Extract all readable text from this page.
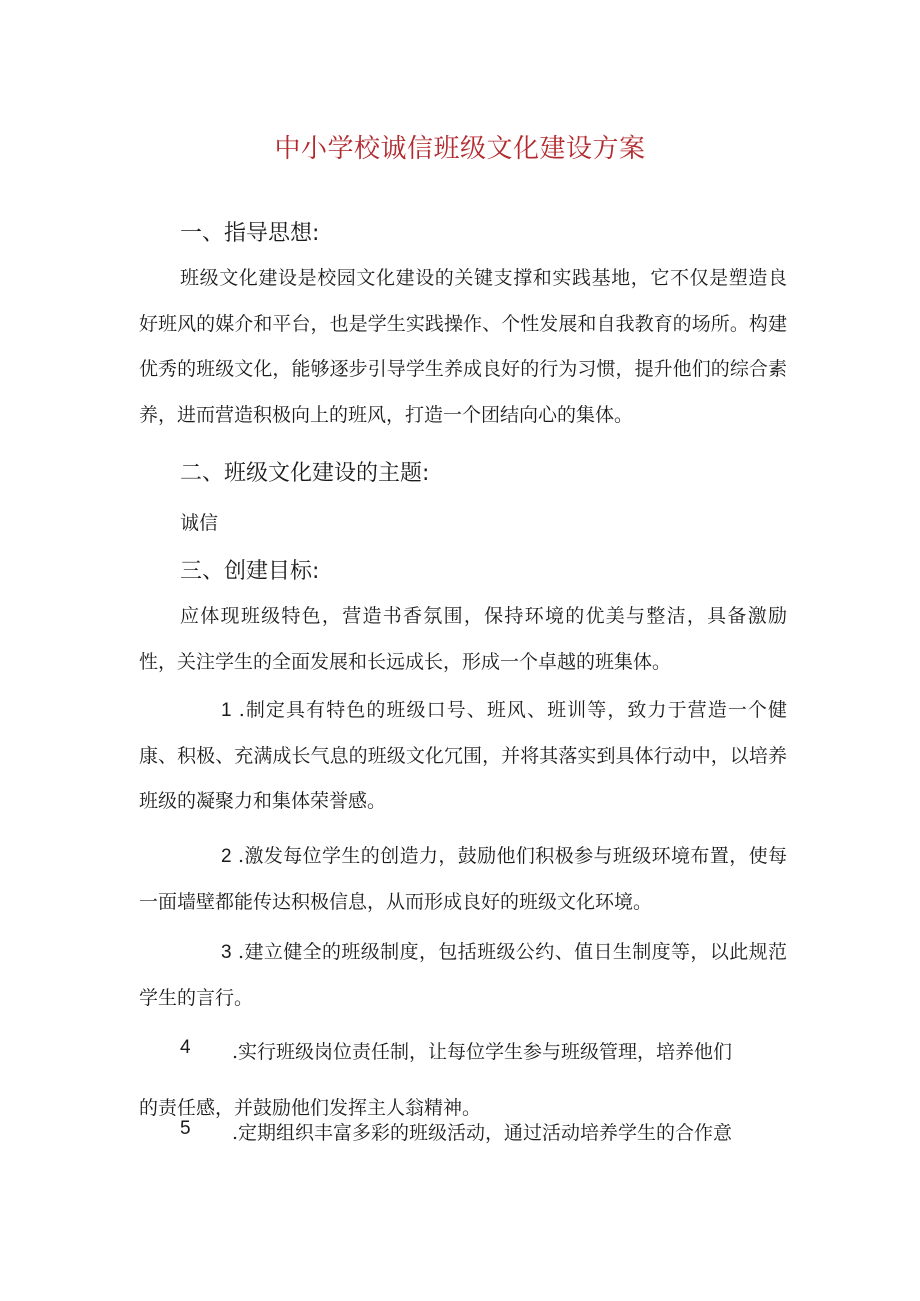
中小学校诚信班级文化建设方案
一、指导思想:

班级文化建设是校园文化建设的关键支撑和实践基地，它不仅是塑造良好班风的媒介和平台，也是学生实践操作、个性发展和自我教育的场所。构建优秀的班级文化，能够逐步引导学生养成良好的行为习惯，提升他们的综合素养，进而营造积极向上的班风，打造一个团结向心的集体。

二、班级文化建设的主题:

诚信

三、创建目标:

应体现班级特色，营造书香氛围，保持环境的优美与整洁，具备激励性，关注学生的全面发展和长远成长，形成一个卓越的班集体。

1 .制定具有特色的班级口号、班风、班训等，致力于营造一个健康、积极、充满成长气息的班级文化冗围，并将其落实到具体行动中，以培养班级的凝聚力和集体荣誉感。

2 .激发每位学生的创造力，鼓励他们积极参与班级环境布置，使每一面墙壁都能传达积极信息，从而形成良好的班级文化环境。

3 .建立健全的班级制度，包括班级公约、值日生制度等，以此规范学生的言行。

4 .实行班级岗位责任制，让每位学生参与班级管理，培养他们
的责任感，并鼓励他们发挥主人翁精神。
5 .定期组织丰富多彩的班级活动，通过活动培养学生的合作意
